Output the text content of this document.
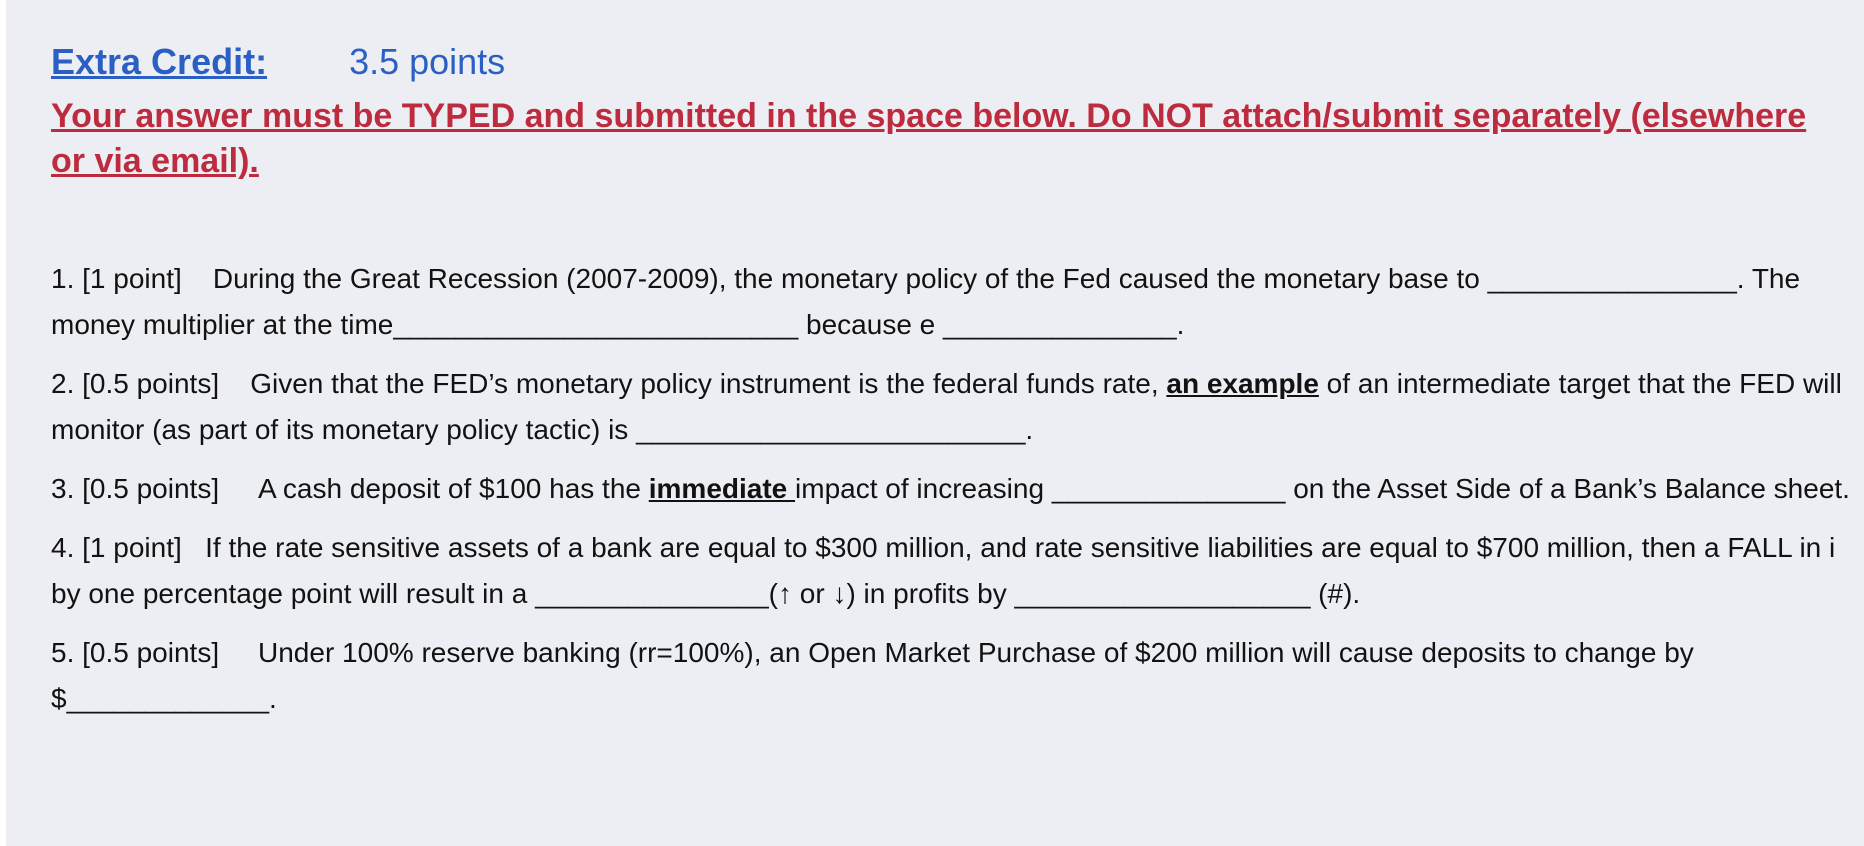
Extra Credit: 3.5 points
Your answer must be TYPED and submitted in the space below. Do NOT attach/submit separately (elsewhere or via email).

1. [1 point] During the Great Recession (2007-2009), the monetary policy of the Fed caused the monetary base to ________________. The money multiplier at the time__________________________ because e _______________.

2. [0.5 points] Given that the FED’s monetary policy instrument is the federal funds rate, an example of an intermediate target that the FED will monitor (as part of its monetary policy tactic) is _________________________.

3. [0.5 points] A cash deposit of $100 has the immediate impact of increasing _______________ on the Asset Side of a Bank’s Balance sheet.

4. [1 point] If the rate sensitive assets of a bank are equal to $300 million, and rate sensitive liabilities are equal to $700 million, then a FALL in i by one percentage point will result in a _______________(↑ or ↓) in profits by ___________________ (#).

5. [0.5 points] Under 100% reserve banking (rr=100%), an Open Market Purchase of $200 million will cause deposits to change by $_____________.
